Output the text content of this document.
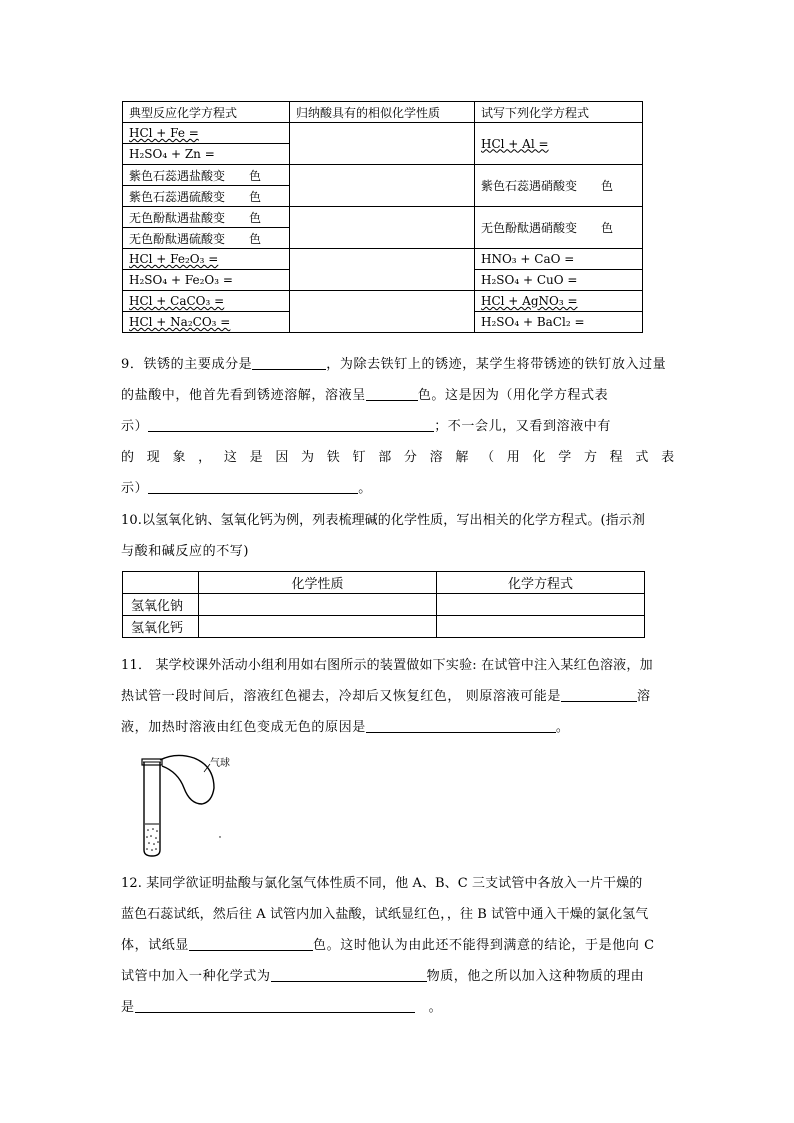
典型反应化学方程式	归纳酸具有的相似化学性质	试写下列化学方程式
HCl + Fe =		HCl + Al =
H₂SO₄ + Zn =		
紫色石蕊遇盐酸变　　色		紫色石蕊遇硝酸变　　色
紫色石蕊遇硫酸变　　色		
无色酚酞遇盐酸变　　色		无色酚酞遇硝酸变　　色
无色酚酞遇硫酸变　　色		
HCl + Fe₂O₃ =		HNO₃ + CaO =
H₂SO₄ + Fe₂O₃ =		H₂SO₄ + CuO =
HCl + CaCO₃ =		HCl + AgNO₃ =
HCl + Na₂CO₃ =		H₂SO₄ + BaCl₂ =

9．铁锈的主要成分是	，为除去铁钉上的锈迹，某学生将带锈迹的铁钉放入过量

的盐酸中，他首先看到锈迹溶解，溶液呈	色。这是因为（用化学方程式表

示）	；不一会儿，又看到溶液中有

的 现 象 ， 这 是 因 为 铁 钉 部 分 溶 解 （ 用 化 学 方 程 式 表

示）	。

10.以氢氧化钠、氢氧化钙为例，列表梳理碱的化学性质，写出相关的化学方程式。(指示剂

与酸和碱反应的不写)

	化学性质	化学方程式
氢氧化钠		
氢氧化钙		

11． 某学校课外活动小组利用如右图所示的装置做如下实验: 在试管中注入某红色溶液，加

热试管一段时间后，溶液红色褪去，冷却后又恢复红色， 则原溶液可能是	溶

液，加热时溶液由红色变成无色的原因是	。

气球

12. 某同学欲证明盐酸与氯化氢气体性质不同，他 A、B、C 三支试管中各放入一片干燥的

蓝色石蕊试纸，然后往 A 试管内加入盐酸，试纸显红色，，往 B 试管中通入干燥的氯化氢气

体，试纸显	色。这时他认为由此还不能得到满意的结论，于是他向 C

试管中加入一种化学式为	物质，他之所以加入这种物质的理由

是	。
